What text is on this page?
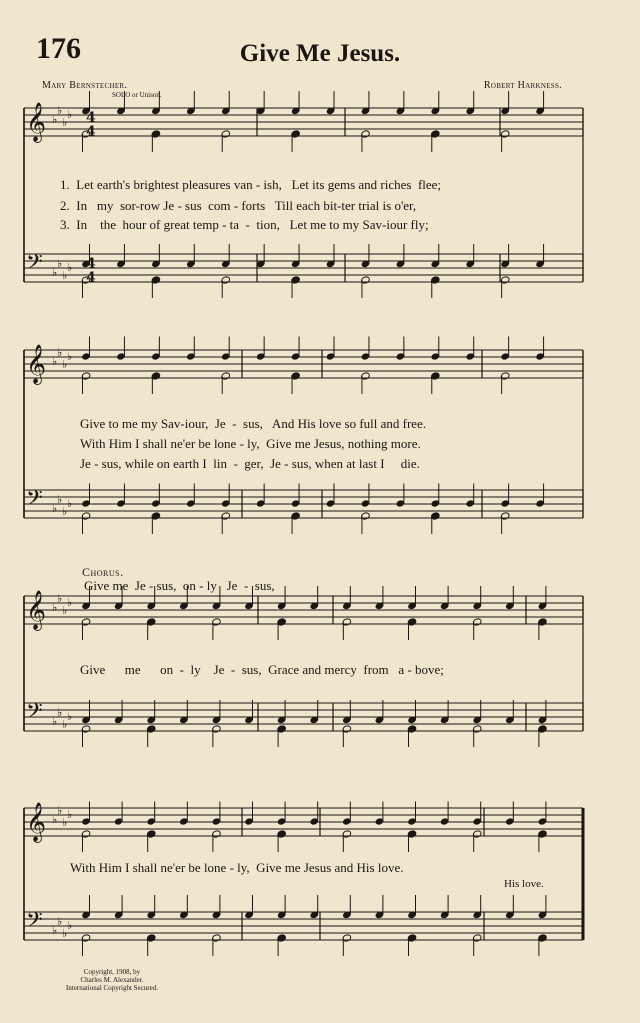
176	Give Me Jesus.
Mary Bernstecher.	Robert Harkness.
SOLO or Unison.
𝄞 ♭
♭
♭
♭
𝄢 ♭
♭
♭
♭
4
4
4
4
𝄞 ♭
♭
♭
♭
𝄢 ♭
♭
♭
♭
𝄞 ♭
♭
♭
♭
𝄢 ♭
♭
♭
♭
𝄞 ♭
♭
♭
♭
𝄢 ♭
♭
♭
♭
1.  Let earth's brightest pleasures van - ish,   Let its gems and riches  flee;
2.  In   my  sor-row Je - sus  com - forts   Till each bit-ter trial is o'er,
3.  In    the  hour of great temp - ta  -  tion,   Let me to my Sav-iour fly;
Give to me my Sav-iour,  Je  -  sus,   And His love so full and free.
With Him I shall ne'er be lone - ly,  Give me Jesus, nothing more.
Je - sus, while on earth I  lin  -  ger,  Je - sus, when at last I     die.
Chorus.
Give me  Je - sus,  on - ly   Je  -  sus,
Give      me      on  -  ly    Je  -  sus,  Grace and mercy  from   a - bove;
With Him I shall ne'er be lone - ly,  Give me Jesus and His love.
His love.
Copyright, 1908, by
Charles M. Alexander.
International Copyright Secured.
